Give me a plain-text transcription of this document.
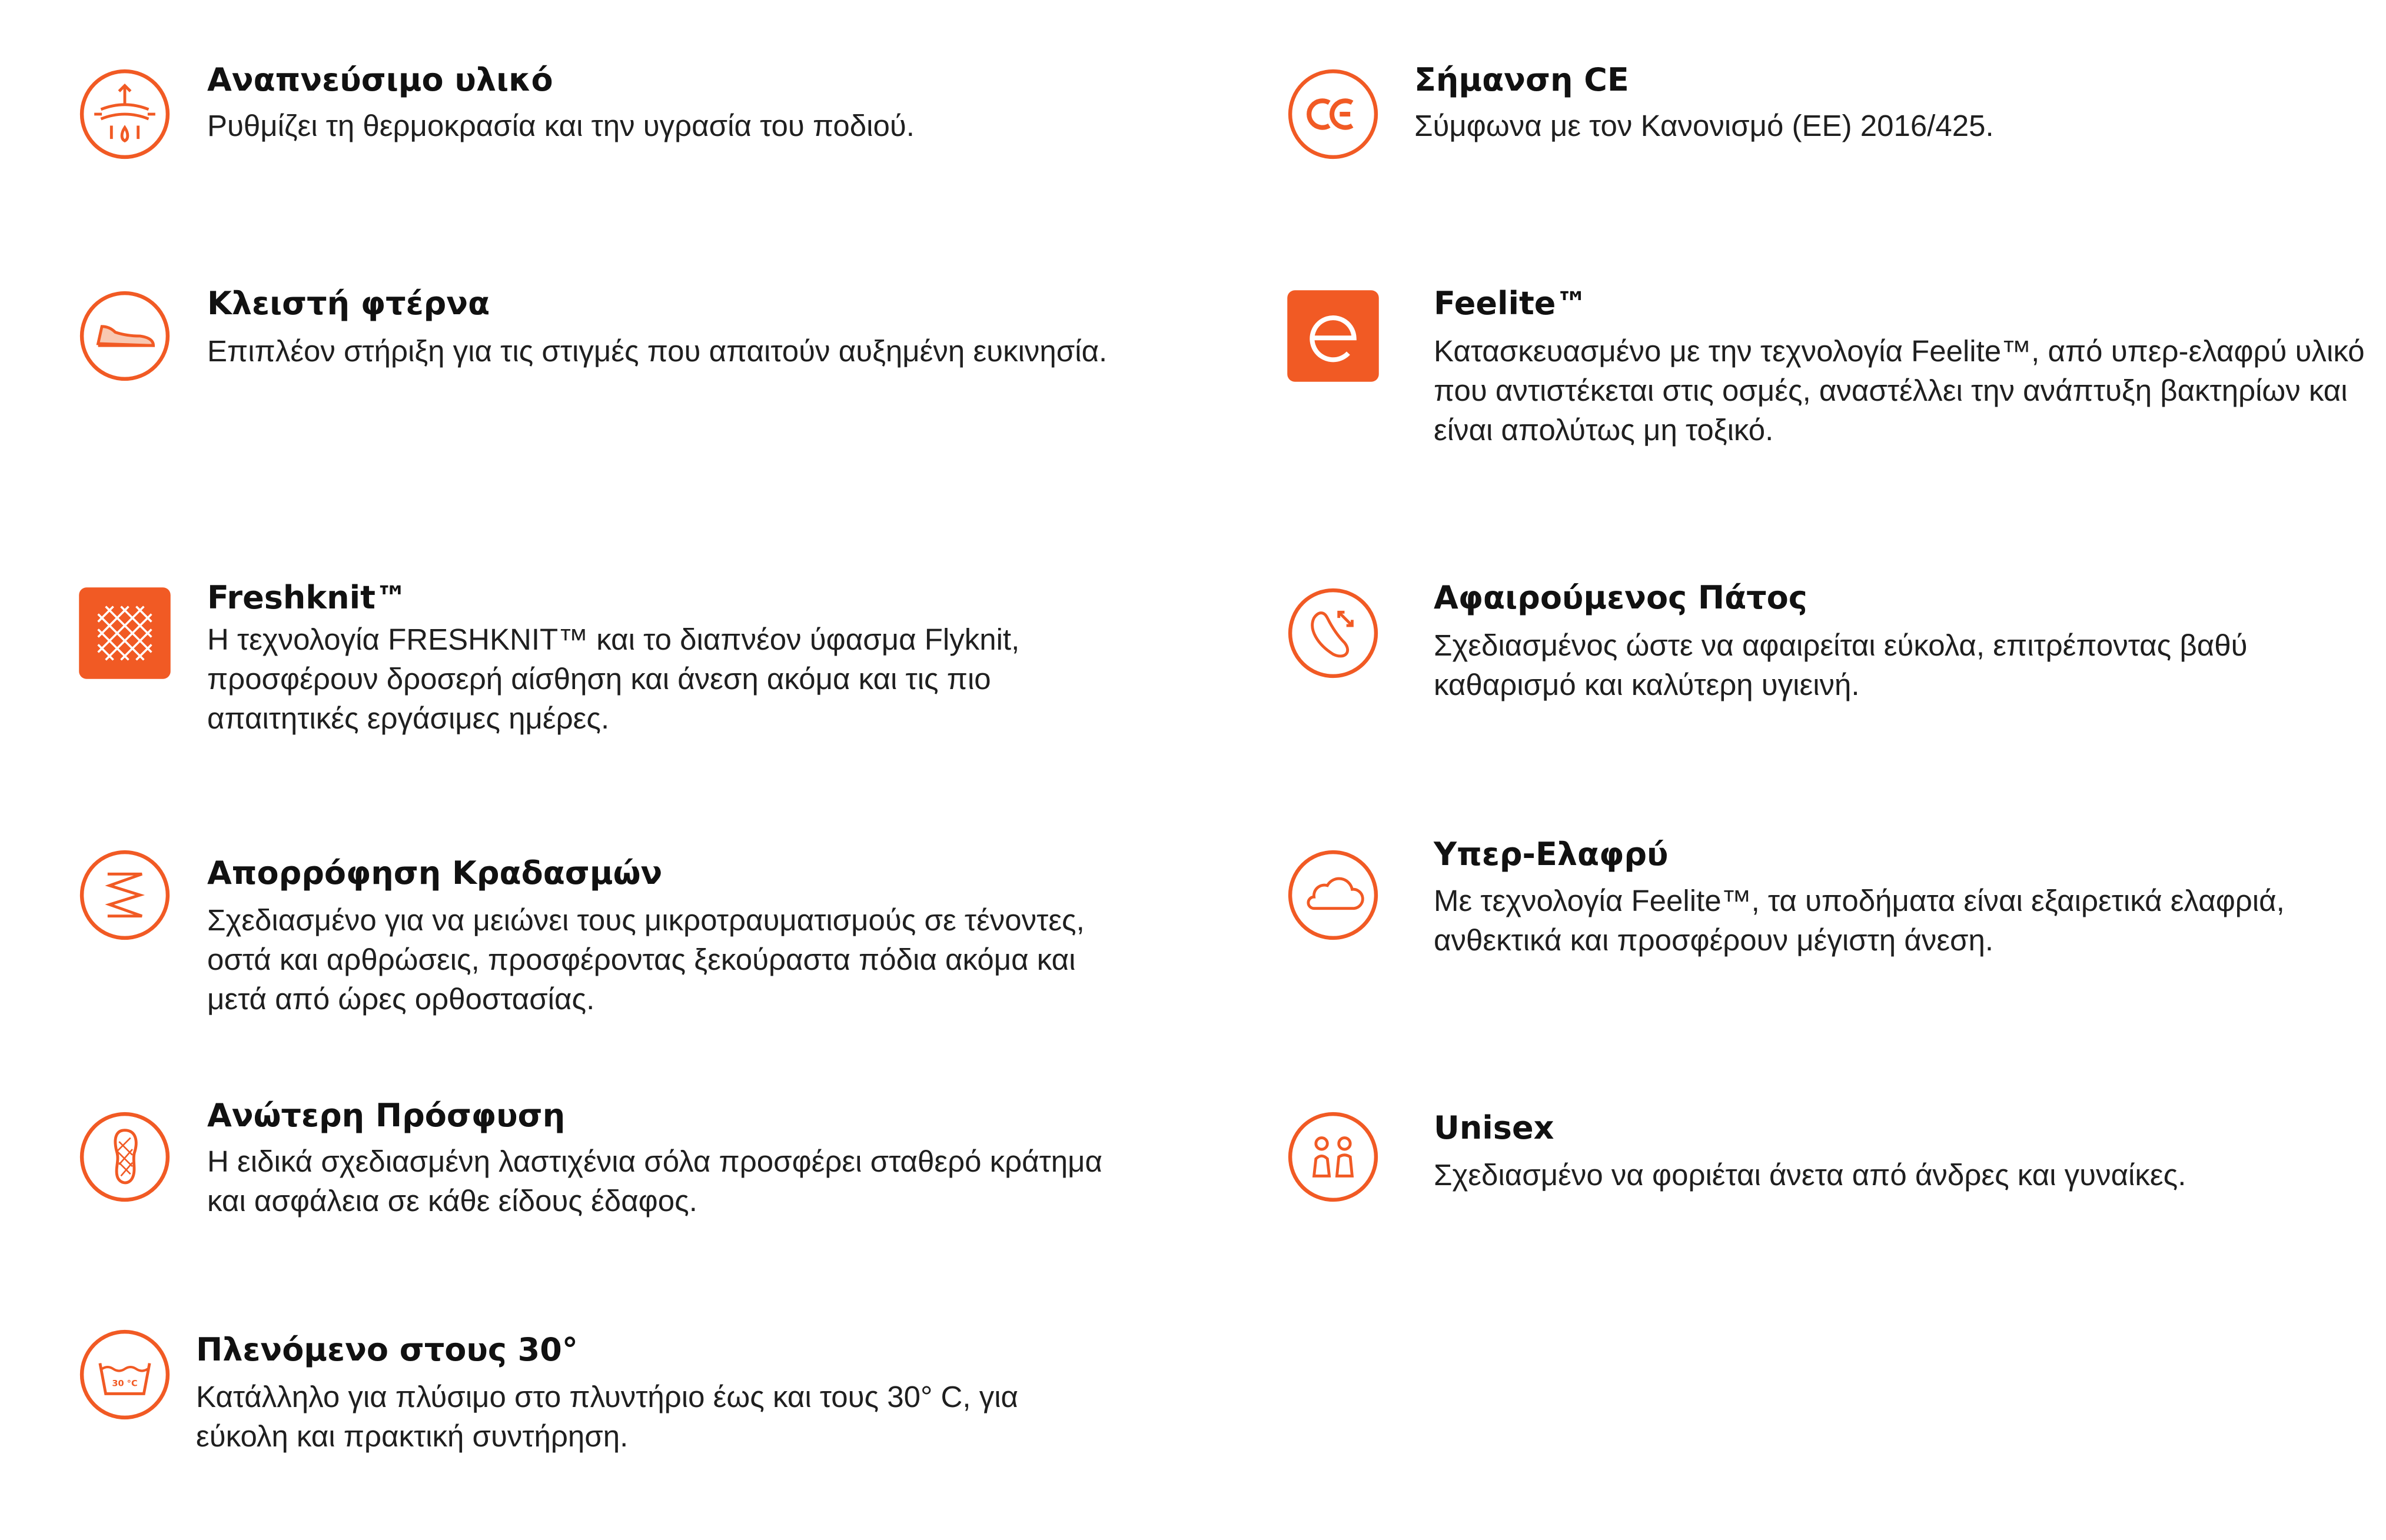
Αναπνεύσιμο υλικό
Ρυθμίζει τη θερμοκρασία και την υγρασία του ποδιού.
Σήμανση CE
Σύμφωνα με τον Κανονισμό (ΕΕ) 2016/425.
Κλειστή φτέρνα
Επιπλέον στήριξη για τις στιγμές που απαιτούν αυξημένη ευκινησία.
Feelite™
Κατασκευασμένο με την τεχνολογία Feelite™, από υπερ-ελαφρύ υλικό που αντιστέκεται στις οσμές, αναστέλλει την ανάπτυξη βακτηρίων και είναι απολύτως μη τοξικό.
Freshknit™
Η τεχνολογία FRESHKNIT™ και το διαπνέον ύφασμα Flyknit, προσφέρουν δροσερή αίσθηση και άνεση ακόμα και τις πιο απαιτητικές εργάσιμες ημέρες.
Αφαιρούμενος Πάτος
Σχεδιασμένος ώστε να αφαιρείται εύκολα, επιτρέποντας βαθύ καθαρισμό και καλύτερη υγιεινή.
Απορρόφηση Κραδασμών
Σχεδιασμένο για να μειώνει τους μικροτραυματισμούς σε τένοντες, οστά και αρθρώσεις, προσφέροντας ξεκούραστα πόδια ακόμα και μετά από ώρες ορθοστασίας.
Υπερ-Ελαφρύ
Με τεχνολογία Feelite™, τα υποδήματα είναι εξαιρετικά ελαφριά, ανθεκτικά και προσφέρουν μέγιστη άνεση.
Ανώτερη Πρόσφυση
Η ειδικά σχεδιασμένη λαστιχένια σόλα προσφέρει σταθερό κράτημα και ασφάλεια σε κάθε είδους έδαφος.
Unisex
Σχεδιασμένο να φοριέται άνετα από άνδρες και γυναίκες.
30 °C
Πλενόμενο στους 30°
Κατάλληλο για πλύσιμο στο πλυντήριο έως και τους 30° C, για εύκολη και πρακτική συντήρηση.
